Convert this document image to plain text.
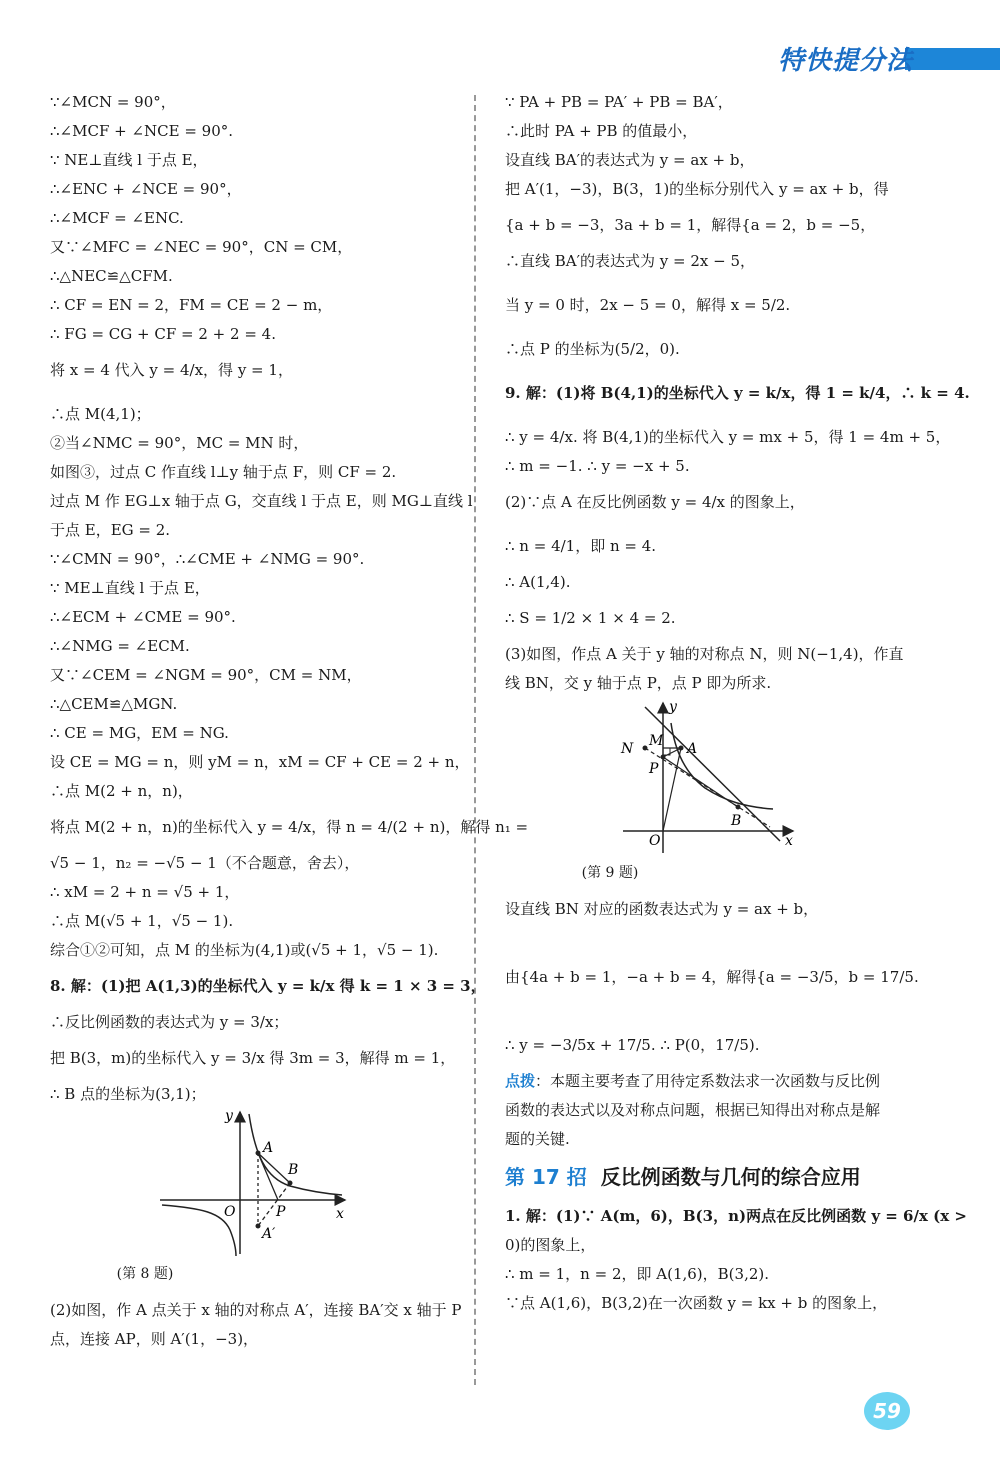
特快提分法

∵∠MCN = 90°，

∴∠MCF + ∠NCE = 90°.

∵ NE⊥直线 l 于点 E，

∴∠ENC + ∠NCE = 90°，

∴∠MCF = ∠ENC.

又∵∠MFC = ∠NEC = 90°，CN = CM，

∴△NEC≌△CFM.

∴ CF = EN = 2，FM = CE = 2 − m，

∴ FG = CG + CF = 2 + 2 = 4.

将 x = 4 代入 y = 4/x，得 y = 1，

∴点 M(4,1)；

②当∠NMC = 90°，MC = MN 时，

如图③，过点 C 作直线 l⊥y 轴于点 F，则 CF = 2.

过点 M 作 EG⊥x 轴于点 G，交直线 l 于点 E，则 MG⊥直线 l

于点 E，EG = 2.

∵∠CMN = 90°，∴∠CME + ∠NMG = 90°.

∵ ME⊥直线 l 于点 E，

∴∠ECM + ∠CME = 90°.

∴∠NMG = ∠ECM.

又∵∠CEM = ∠NGM = 90°，CM = NM，

∴△CEM≌△MGN.

∴ CE = MG，EM = NG.

设 CE = MG = n，则 yM = n，xM = CF + CE = 2 + n，

∴点 M(2 + n，n)，

将点 M(2 + n，n)的坐标代入 y = 4/x，得 n = 4/(2 + n)，解得 n₁ =

√5 − 1，n₂ = −√5 − 1（不合题意，舍去），

∴ xM = 2 + n = √5 + 1，

∴点 M(√5 + 1，√5 − 1).

综合①②可知，点 M 的坐标为(4,1)或(√5 + 1，√5 − 1).

8. 解：(1)把 A(1,3)的坐标代入 y = k/x 得 k = 1 × 3 = 3，

∴反比例函数的表达式为 y = 3/x；

把 B(3，m)的坐标代入 y = 3/x 得 3m = 3，解得 m = 1，

∴ B 点的坐标为(3,1)；

y
x
O
A
B
P
A′

(第 8 题)

(2)如图，作 A 点关于 x 轴的对称点 A′，连接 BA′交 x 轴于 P

点，连接 AP，则 A′(1，−3)，

∵ PA + PB = PA′ + PB = BA′，

∴此时 PA + PB 的值最小，

设直线 BA′的表达式为 y = ax + b，

把 A′(1，−3)，B(3，1)的坐标分别代入 y = ax + b，得

{a + b = −3，3a + b = 1，解得{a = 2，b = −5，

∴直线 BA′的表达式为 y = 2x − 5，

当 y = 0 时，2x − 5 = 0，解得 x = 5/2.

∴点 P 的坐标为(5/2，0).

9. 解：(1)将 B(4,1)的坐标代入 y = k/x，得 1 = k/4，∴ k = 4.

∴ y = 4/x. 将 B(4,1)的坐标代入 y = mx + 5，得 1 = 4m + 5，

∴ m = −1. ∴ y = −x + 5.

(2)∵点 A 在反比例函数 y = 4/x 的图象上，

∴ n = 4/1，即 n = 4.

∴ A(1,4).

∴ S = 1/2 × 1 × 4 = 2.

(3)如图，作点 A 关于 y 轴的对称点 N，则 N(−1,4)，作直

线 BN，交 y 轴于点 P，点 P 即为所求.

y
x
O
N M A
P
B

(第 9 题)

设直线 BN 对应的函数表达式为 y = ax + b，

由{4a + b = 1，−a + b = 4，解得{a = −3/5，b = 17/5.

∴ y = −3/5x + 17/5. ∴ P(0，17/5).

点拨：本题主要考查了用待定系数法求一次函数与反比例

函数的表达式以及对称点问题，根据已知得出对称点是解

题的关键.

第 17 招 反比例函数与几何的综合应用

1. 解：(1)∵ A(m，6)，B(3，n)两点在反比例函数 y = 6/x (x >

0)的图象上，

∴ m = 1，n = 2，即 A(1,6)，B(3,2).

∵点 A(1,6)，B(3,2)在一次函数 y = kx + b 的图象上，

59
